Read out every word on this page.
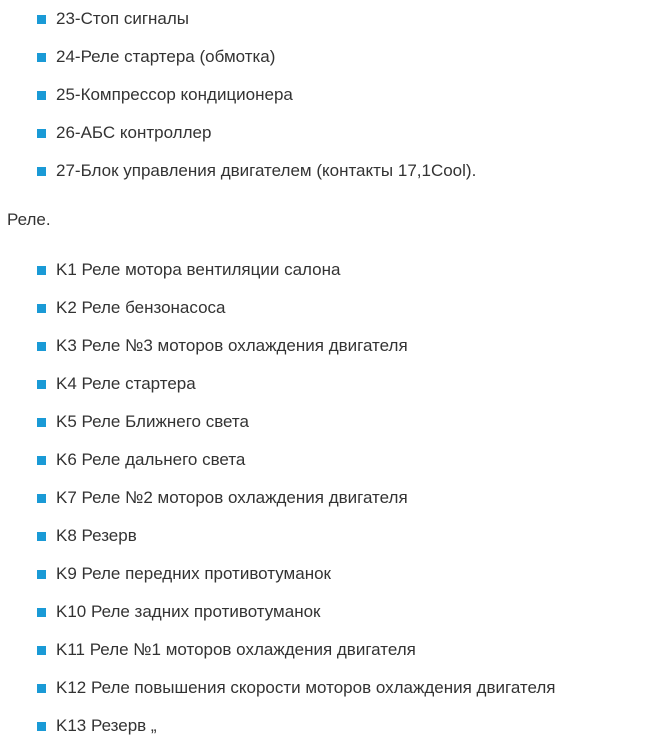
23-Стоп сигналы
24-Реле стартера (обмотка)
25-Компрессор кондиционера
26-АБС контроллер
27-Блок управления двигателем (контакты 17,1Cool).
Реле.
K1 Реле мотора вентиляции салона
K2 Реле бензонасоса
K3 Реле №3 моторов охлаждения двигателя
K4 Реле стартера
K5 Реле Ближнего света
K6 Реле дальнего света
K7 Реле №2 моторов охлаждения двигателя
K8 Резерв
K9 Реле передних противотуманок
K10 Реле задних противотуманок
K11 Реле №1 моторов охлаждения двигателя
K12 Реле повышения скорости моторов охлаждения двигателя
K13 Резерв „
